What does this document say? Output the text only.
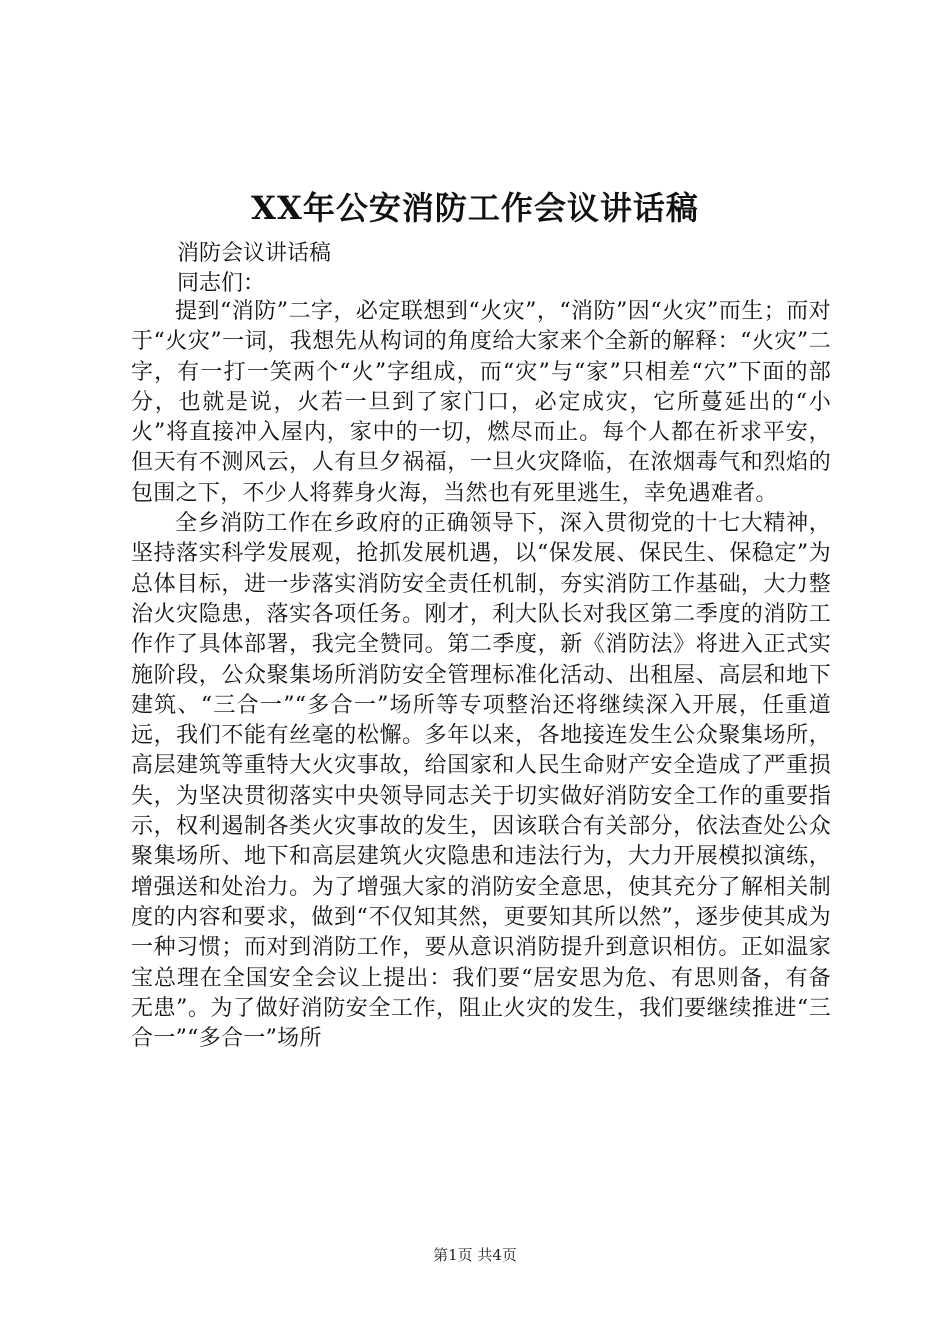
XX年公安消防工作会议讲话稿
消防会议讲话稿
同志们：

提到“消防”二字，必定联想到“火灾”，“消防”因“火灾”而生；而对于“火灾”一词，我想先从构词的角度给大家来个全新的解释：“火灾”二字，有一打一笑两个“火”字组成，而“灾”与“家”只相差“穴”下面的部分，也就是说，火若一旦到了家门口，必定成灾，它所蔓延出的“小火”将直接冲入屋内，家中的一切，燃尽而止。每个人都在祈求平安，但天有不测风云，人有旦夕祸福，一旦火灾降临，在浓烟毒气和烈焰的包围之下，不少人将葬身火海，当然也有死里逃生，幸免遇难者。

全乡消防工作在乡政府的正确领导下，深入贯彻党的十七大精神，坚持落实科学发展观，抢抓发展机遇，以“保发展、保民生、保稳定”为总体目标，进一步落实消防安全责任机制，夯实消防工作基础，大力整治火灾隐患，落实各项任务。刚才，利大队长对我区第二季度的消防工作作了具体部署，我完全赞同。第二季度，新《消防法》将进入正式实施阶段，公众聚集场所消防安全管理标准化活动、出租屋、高层和地下建筑、“三合一”“多合一”场所等专项整治还将继续深入开展，任重道远，我们不能有丝毫的松懈。多年以来，各地接连发生公众聚集场所，高层建筑等重特大火灾事故，给国家和人民生命财产安全造成了严重损失，为坚决贯彻落实中央领导同志关于切实做好消防安全工作的重要指示，权利遏制各类火灾事故的发生，因该联合有关部分，依法查处公众聚集场所、地下和高层建筑火灾隐患和违法行为，大力开展模拟演练，增强送和处治力。为了增强大家的消防安全意思，使其充分了解相关制度的内容和要求，做到“不仅知其然，更要知其所以然”，逐步使其成为一种习惯；而对到消防工作，要从意识消防提升到意识相仿。正如温家宝总理在全国安全会议上提出：我们要“居安思为危、有思则备，有备无患”。为了做好消防安全工作，阻止火灾的发生，我们要继续推进“三合一”“多合一”场所

第1页 共4页
